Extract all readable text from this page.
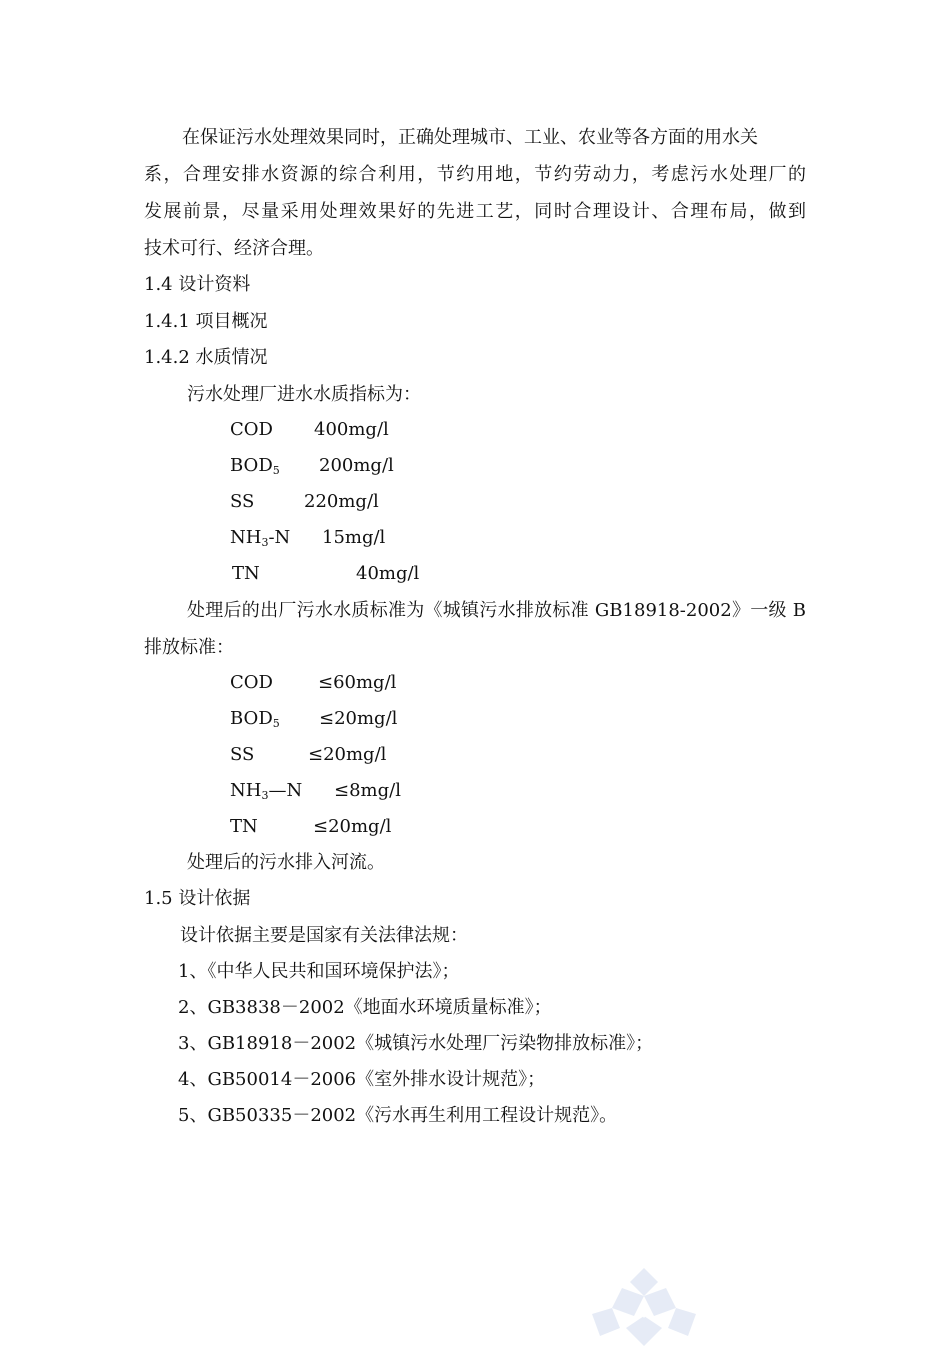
在保证污水处理效果同时，正确处理城市、工业、农业等各方面的用水关
系，合理安排水资源的综合利用，节约用地，节约劳动力，考虑污水处理厂的
发展前景，尽量采用处理效果好的先进工艺，同时合理设计、合理布局，做到
技术可行、经济合理。
1.4 设计资料
1.4.1 项目概况
1.4.2 水质情况
污水处理厂进水水质指标为：
COD 400mg/l
$BOD_5$ 200mg/l
SS	220mg/l
$NH_3-N$ 15mg/l
TN	40mg/l
处理后的出厂污水水质标准为《城镇污水排放标准 GB18918-2002》一级 B
排放标准：
COD	≤60mg/l
$BOD_5 \le 20mg/l$
SS	≤20mg/l
$NH_3—N \le 8mg/l$
TN	≤20mg/l
处理后的污水排入河流。
1.5 设计依据
设计依据主要是国家有关法律法规：
1、《中华人民共和国环境保护法》；
2、GB3838－2002《地面水环境质量标准》；
3、GB18918－2002《城镇污水处理厂污染物排放标准》；
4、GB50014－2006《室外排水设计规范》；
5、GB50335－2002《污水再生利用工程设计规范》。
